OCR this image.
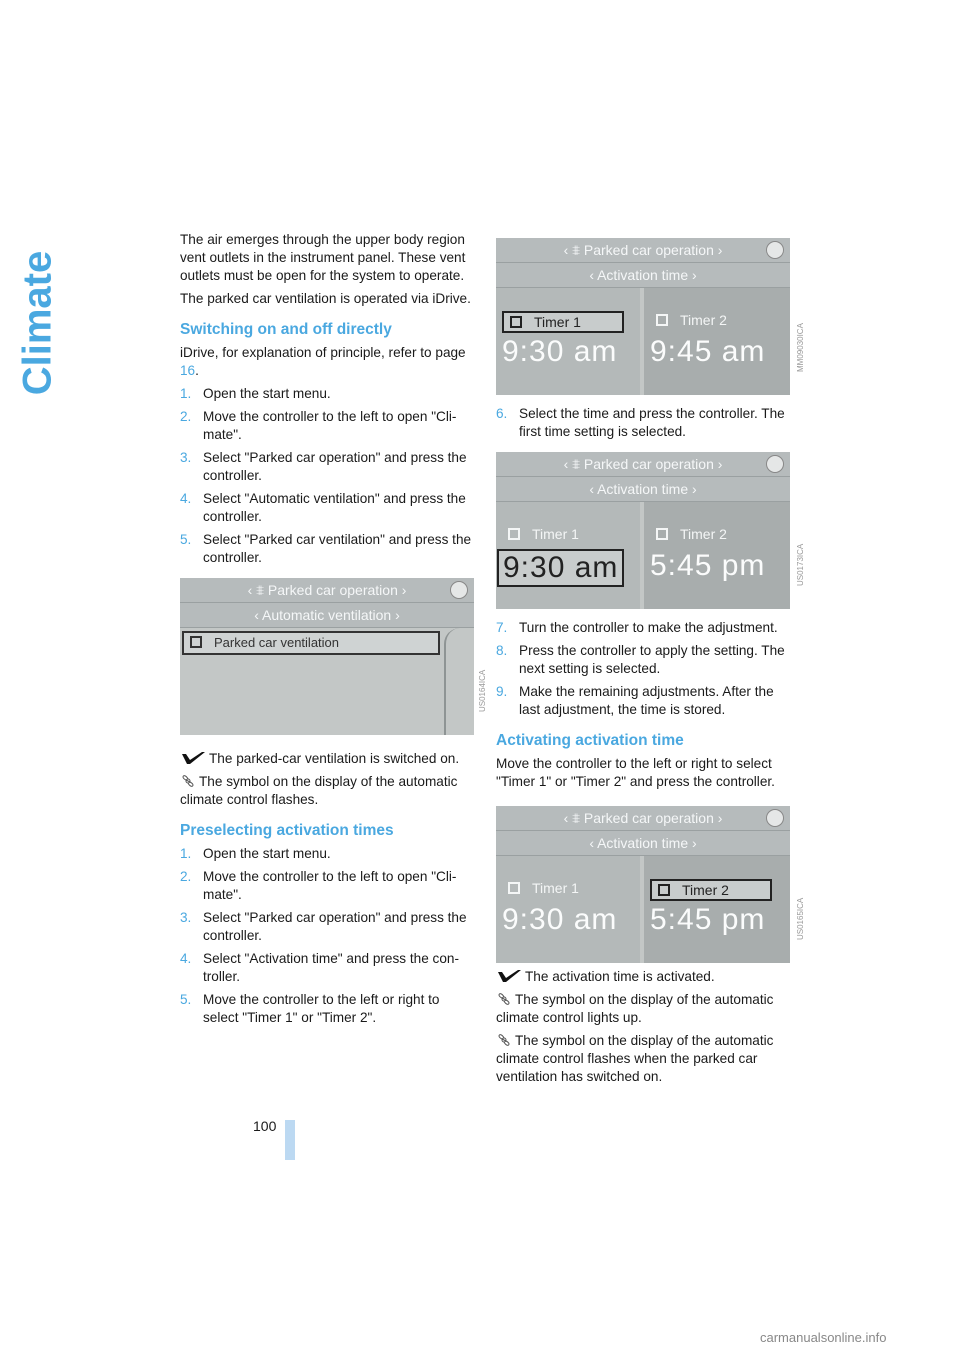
Climate

The air emerges through the upper body region vent outlets in the instrument panel. These vent outlets must be open for the system to operate.

The parked car ventilation is operated via iDrive.

Switching on and off directly

iDrive, for explanation of principle, refer to page 16.

1. Open the start menu.
2. Move the controller to the left to open "Cli-mate".
3. Select "Parked car operation" and press the controller.
4. Select "Automatic ventilation" and press the controller.
5. Select "Parked car ventilation" and press the controller.

The parked-car ventilation is switched on.

The symbol on the display of the automatic climate control flashes.

Preselecting activation times
1. Open the start menu.
2. Move the controller to the left to open "Cli-mate".
3. Select "Parked car operation" and press the controller.
4. Select "Activation time" and press the con-troller.
5. Move the controller to the left or right to select "Timer 1" or "Timer 2".
‹ ⩨ Parked car operation ›
‹ Automatic ventilation ›
Parked car ventilation
US0164ICA
‹ ⩨ Parked car operation ›
‹ Activation time ›
Timer 1
9:30 am
Timer 2
9:45 am	MM09030ICA
6. Select the time and press the controller. The first time setting is selected.
‹ ⩨ Parked car operation ›
‹ Activation time ›
Timer 1
9:30 am
Timer 2
5:45 pm	US0173ICA
7. Turn the controller to make the adjustment.
8. Press the controller to apply the setting. The next setting is selected.
9. Make the remaining adjustments. After the last adjustment, the time is stored.
Activating activation time

Move the controller to the left or right to select "Timer 1" or "Timer 2" and press the controller.

The activation time is activated.

The symbol on the display of the automatic climate control lights up.

The symbol on the display of the automatic climate control flashes when the parked car ventilation has switched on.

‹ ⩨ Parked car operation ›
‹ Activation time ›
Timer 1
9:30 am
Timer 2
5:45 pm	US0165ICA
100
carmanualsonline.info
